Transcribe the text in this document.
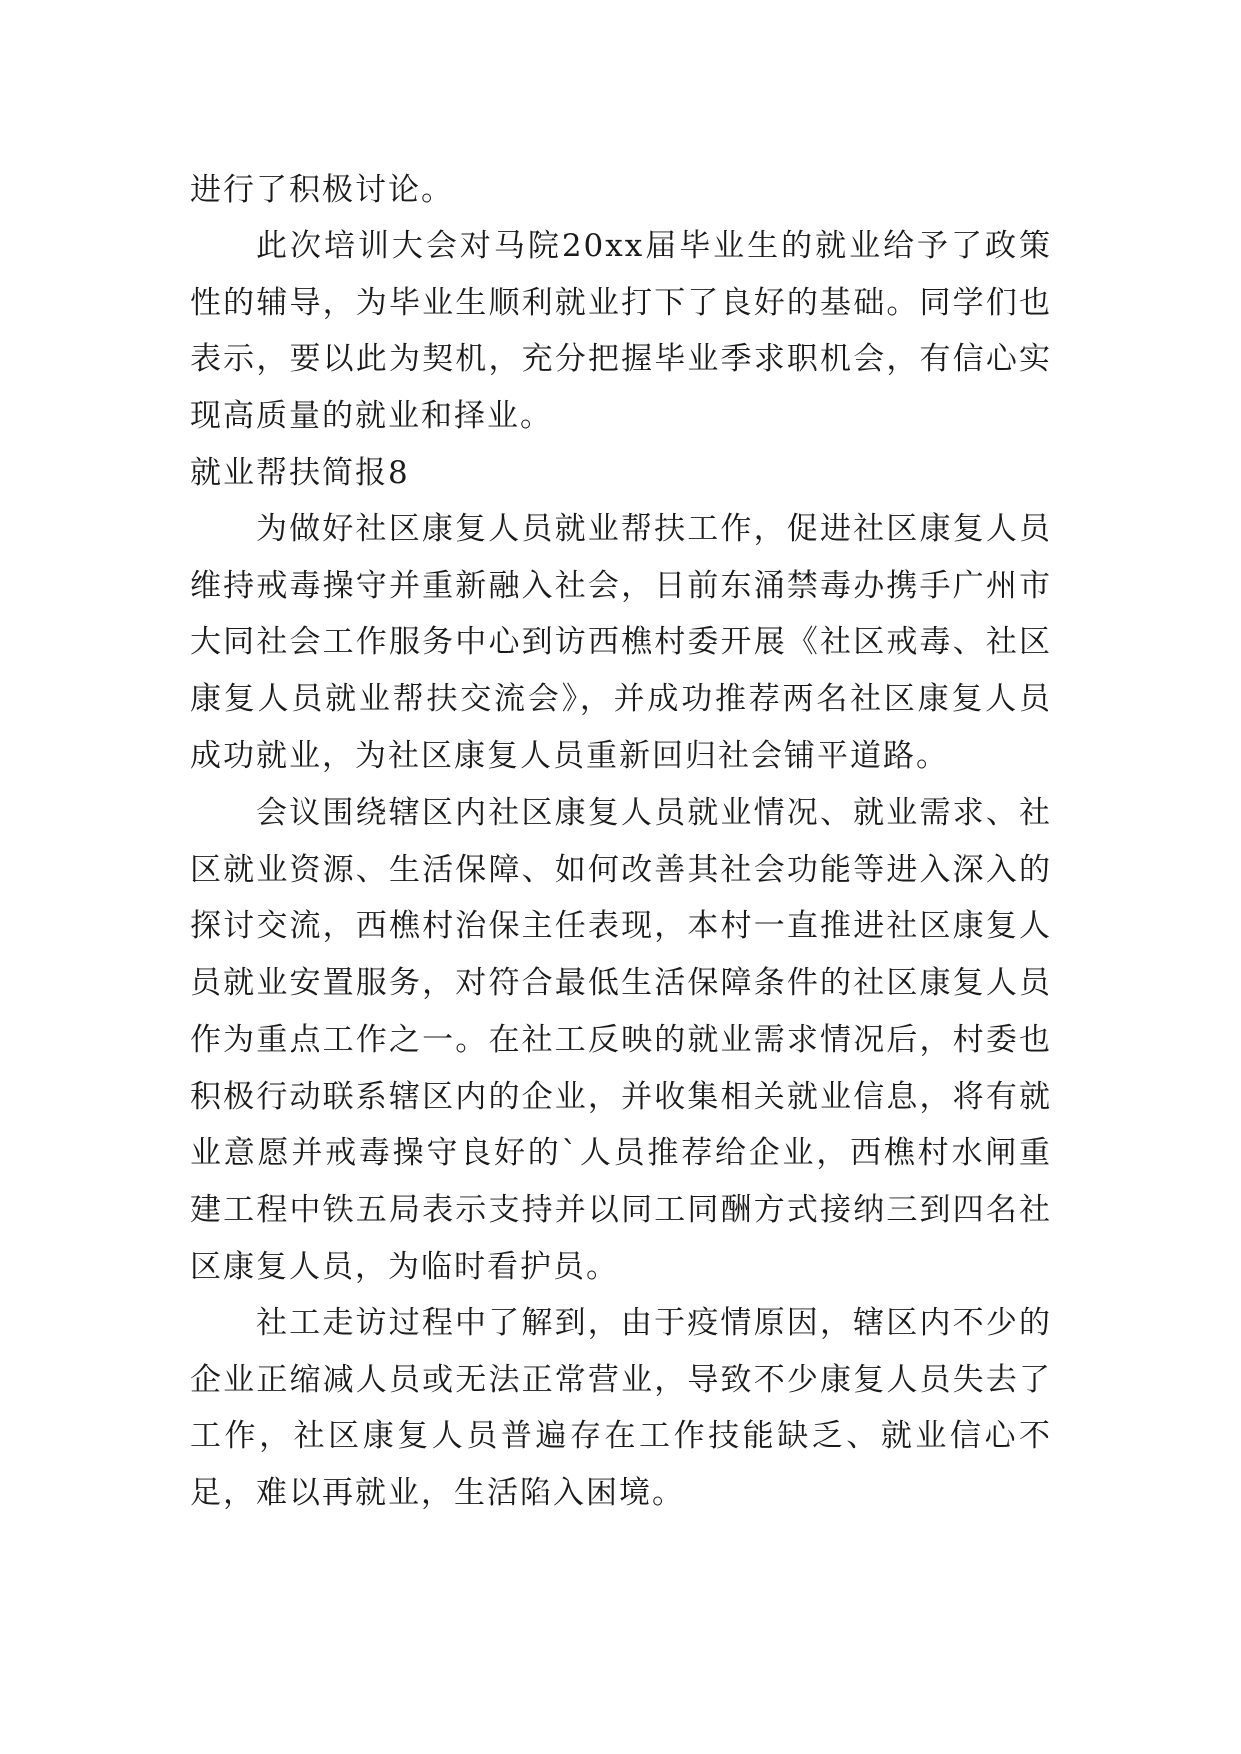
进行了积极讨论。

此次培训大会对马院20xx届毕业生的就业给予了政策性的辅导，为毕业生顺利就业打下了良好的基础。同学们也表示，要以此为契机，充分把握毕业季求职机会，有信心实现高质量的就业和择业。

就业帮扶简报8

为做好社区康复人员就业帮扶工作，促进社区康复人员维持戒毒操守并重新融入社会，日前东涌禁毒办携手广州市大同社会工作服务中心到访西樵村委开展《社区戒毒、社区康复人员就业帮扶交流会》，并成功推荐两名社区康复人员成功就业，为社区康复人员重新回归社会铺平道路。

会议围绕辖区内社区康复人员就业情况、就业需求、社区就业资源、生活保障、如何改善其社会功能等进入深入的探讨交流，西樵村治保主任表现，本村一直推进社区康复人员就业安置服务，对符合最低生活保障条件的社区康复人员作为重点工作之一。在社工反映的就业需求情况后，村委也积极行动联系辖区内的企业，并收集相关就业信息，将有就业意愿并戒毒操守良好的`人员推荐给企业，西樵村水闸重建工程中铁五局表示支持并以同工同酬方式接纳三到四名社区康复人员，为临时看护员。

社工走访过程中了解到，由于疫情原因，辖区内不少的企业正缩减人员或无法正常营业，导致不少康复人员失去了工作，社区康复人员普遍存在工作技能缺乏、就业信心不足，难以再就业，生活陷入困境。
